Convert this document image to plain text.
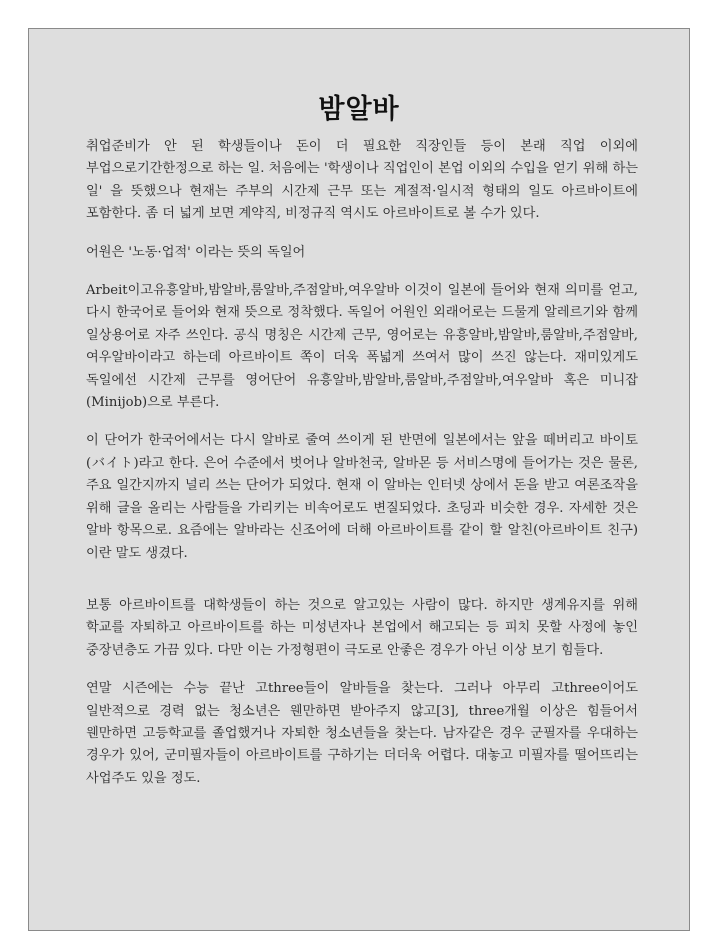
밤알바

취업준비가 안 된 학생들이나 돈이 더 필요한 직장인들 등이 본래 직업 이외에 부업으로기간한정으로 하는 일. 처음에는 '학생이나 직업인이 본업 이외의 수입을 얻기 위해 하는 일' 을 뜻했으나 현재는 주부의 시간제 근무 또는 계절적·일시적 형태의 일도 아르바이트에 포함한다. 좀 더 넓게 보면 계약직, 비정규직 역시도 아르바이트로 볼 수가 있다.

어원은 '노동·업적' 이라는 뜻의 독일어

Arbeit이고유흥알바,밤알바,룸알바,주점알바,여우알바 이것이 일본에 들어와 현재 의미를 얻고, 다시 한국어로 들어와 현재 뜻으로 정착했다. 독일어 어원인 외래어로는 드물게 알레르기와 함께 일상용어로 자주 쓰인다. 공식 명칭은 시간제 근무, 영어로는 유흥알바,밤알바,룸알바,주점알바,여우알바이라고 하는데 아르바이트 쪽이 더욱 폭넓게 쓰여서 많이 쓰진 않는다. 재미있게도 독일에선 시간제 근무를 영어단어 유흥알바,밤알바,룸알바,주점알바,여우알바 혹은 미니잡(Minijob)으로 부른다.

이 단어가 한국어에서는 다시 알바로 줄여 쓰이게 된 반면에 일본에서는 앞을 떼버리고 바이토(バイト)라고 한다. 은어 수준에서 벗어나 알바천국, 알바몬 등 서비스명에 들어가는 것은 물론, 주요 일간지까지 널리 쓰는 단어가 되었다. 현재 이 알바는 인터넷 상에서 돈을 받고 여론조작을 위해 글을 올리는 사람들을 가리키는 비속어로도 변질되었다. 초딩과 비슷한 경우. 자세한 것은 알바 항목으로. 요즘에는 알바라는 신조어에 더해 아르바이트를 같이 할 알친(아르바이트 친구)이란 말도 생겼다.

보통 아르바이트를 대학생들이 하는 것으로 알고있는 사람이 많다. 하지만 생계유지를 위해 학교를 자퇴하고 아르바이트를 하는 미성년자나 본업에서 해고되는 등 피치 못할 사정에 놓인 중장년층도 가끔 있다. 다만 이는 가정형편이 극도로 안좋은 경우가 아닌 이상 보기 힘들다.

연말 시즌에는 수능 끝난 고three들이 알바들을 찾는다. 그러나 아무리 고three이어도 일반적으로 경력 없는 청소년은 웬만하면 받아주지 않고[3], three개월 이상은 힘들어서 웬만하면 고등학교를 졸업했거나 자퇴한 청소년들을 찾는다. 남자같은 경우 군필자를 우대하는 경우가 있어, 군미필자들이 아르바이트를 구하기는 더더욱 어렵다. 대놓고 미필자를 떨어뜨리는 사업주도 있을 정도.
